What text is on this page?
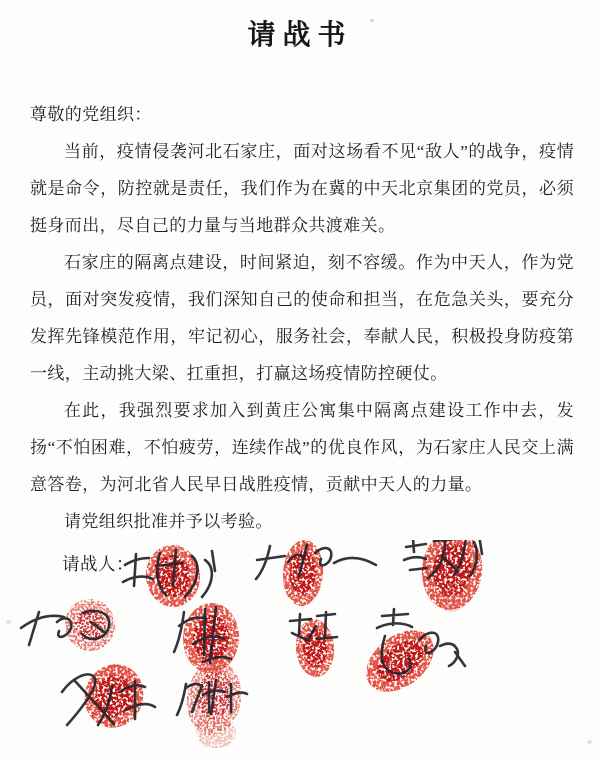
请战书

尊敬的党组织：

当前，疫情侵袭河北石家庄，面对这场看不见“敌人”的战争，疫情就是命令，防控就是责任，我们作为在冀的中天北京集团的党员，必须挺身而出，尽自己的力量与当地群众共渡难关。

石家庄的隔离点建设，时间紧迫，刻不容缓。作为中天人，作为党员，面对突发疫情，我们深知自己的使命和担当，在危急关头，要充分发挥先锋模范作用，牢记初心，服务社会，奉献人民，积极投身防疫第一线，主动挑大梁、扛重担，打赢这场疫情防控硬仗。

在此，我强烈要求加入到黄庄公寓集中隔离点建设工作中去，发扬“不怕困难，不怕疲劳，连续作战”的优良作风，为石家庄人民交上满意答卷，为河北省人民早日战胜疫情，贡献中天人的力量。

请党组织批准并予以考验。

请战人：
